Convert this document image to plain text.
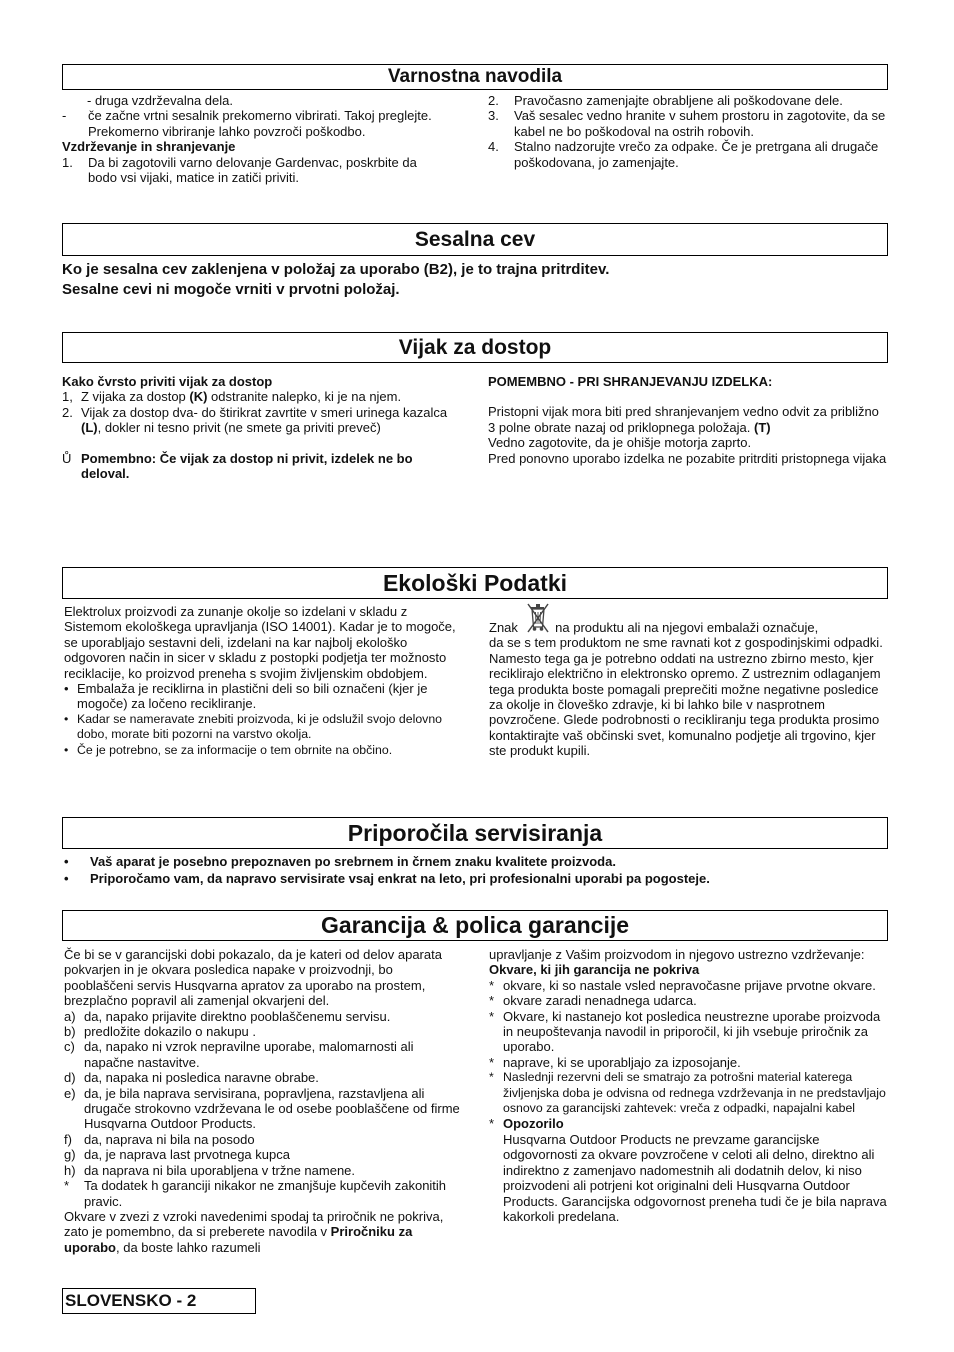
Varnostna navodila
- druga vzdrževalna dela.
-	če začne vrtni sesalnik prekomerno vibrirati. Takoj preglejte. Prekomerno vibriranje lahko povzroči poškodbo.

Vzdrževanje in shranjevanje

1.	Da bi zagotovili varno delovanje Gardenvac, poskrbite da bodo vsi vijaki, matice in zatiči priviti.
2.	Pravočasno zamenjajte obrabljene ali poškodovane dele.
3.	Vaš sesalec vedno hranite v suhem prostoru in zagotovite, da se kabel ne bo poškodoval na ostrih robovih.
4.	Stalno nadzorujte vrečo za odpake. Če je pretrgana ali drugače poškodovana, jo zamenjajte.
Sesalna cev

Ko je sesalna cev zaklenjena v položaj za uporabo (B2), je to trajna pritrditev.

Sesalne cevi ni mogoče vrniti v prvotni položaj.

Vijak za dostop

Kako čvrsto priviti vijak za dostop

1, Z vijaka za dostop (K) odstranite nalepko, ki je na njem.
2. Vijak za dostop dva- do štirikrat zavrtite v smeri urinega kazalca (L), dokler ni tesno privit (ne smete ga priviti preveč)
Ů Pomembno: Če vijak za dostop ni privit, izdelek ne bo deloval.

POMEMBNO - PRI SHRANJEVANJU IZDELKA:

Pristopni vijak mora biti pred shranjevanjem vedno odvit za približno 3 polne obrate nazaj od priklopnega položaja. (T)

Vedno zagotovite, da je ohišje motorja zaprto.

Pred ponovno uporabo izdelka ne pozabite pritrditi pristopnega vijaka

Ekološki Podatki

Elektrolux proizvodi za zunanje okolje so izdelani v skladu z Sistemom ekološkega upravljanja (ISO 14001). Kadar je to mogoče, se uporabljajo sestavni deli, izdelani na kar najbolj ekološko odgovoren način in sicer v skladu z postopki podjetja ter možnosto reciklacije, ko proizvod preneha s svojim življenskim obdobjem.

• Embalaža je reciklirna in plastični deli so bili označeni (kjer je mogoče) za ločeno recikliranje.
• Kadar se nameravate znebiti proizvoda, ki je odslužil svojo delovno dobo, morate biti pozorni na varstvo okolja.
• Če je potrebno, se za informacije o tem obrnite na občino.

Znak	na produktu ali na njegovi embalaži označuje,

da se s tem produktom ne sme ravnati kot z gospodinjskimi odpadki. Namesto tega ga je potrebno oddati na ustrezno zbirno mesto, kjer reciklirajo električno in elektronsko opremo. Z ustreznim odlaganjem tega produkta boste pomagali preprečiti možne negativne posledice za okolje in človeško zdravje, ki bi lahko bile v nasprotnem povzročene. Glede podrobnosti o recikliranju tega produkta prosimo kontaktirajte vaš občinski svet, komunalno podjetje ali trgovino, kjer ste produkt kupili.

Priporočila servisiranja
•	Vaš aparat je posebno prepoznaven po srebrnem in črnem znaku kvalitete proizvoda.
•	Priporočamo vam, da napravo servisirate vsaj enkrat na leto, pri profesionalni uporabi pa pogosteje.
Garancija & polica garancije

Če bi se v garancijski dobi pokazalo, da je kateri od delov aparata pokvarjen in je okvara posledica napake v proizvodnji, bo pooblaščeni servis Husqvarna apratov za uporabo na prostem, brezplačno popravil ali zamenjal okvarjeni del.

a) da, napako prijavite direktno pooblaščenemu servisu.
b) predložite dokazilo o nakupu .
c) da, napako ni vzrok nepravilne uporabe, malomarnosti ali napačne nastavitve.
d) da, napaka ni posledica naravne obrabe.
e) da, je bila naprava servisirana, popravljena, razstavljena ali drugače strokovno vzdrževana le od osebe pooblaščene od firme Husqvarna Outdoor Products.
f) da, naprava ni bila na posodo
g) da, je naprava last prvotnega kupca
h) da naprava ni bila uporabljena v tržne namene.
*	Ta dodatek h garanciji nikakor ne zmanjšuje kupčevih zakonitih pravic.

Okvare v zvezi z vzroki navedenimi spodaj ta priročnik ne pokriva, zato je pomembno, da si preberete navodila v Priročniku za uporabo, da boste lahko razumeli

upravljanje z Vašim proizvodom in njegovo ustrezno vzdrževanje:

Okvare, ki jih garancija ne pokriva

* okvare, ki so nastale vsled nepravočasne prijave prvotne okvare.
* okvare zaradi nenadnega udarca.
* Okvare, ki nastanejo kot posledica neustrezne uporabe proizvoda in neupoštevanja navodil in priporočil, ki jih vsebuje priročnik za uporabo.
* naprave, ki se uporabljajo za izposojanje.
* Naslednji rezervni deli se smatrajo za potrošni material katerega življenjska doba je odvisna od rednega vzdrževanja in ne predstavljajo osnovo za garancijski zahtevek: vrečа z odpadki, napajalni kabel
* Opozorilo
Husqvarna Outdoor Products ne prevzame garancijske odgovornosti za okvare povzročene v celoti ali delno, direktno ali indirektno z zamenjavo nadomestnih ali dodatnih delov, ki niso proizvodeni ali potrjeni kot originalni deli Husqvarna Outdoor Products. Garancijska odgovornost preneha tudi če je bila naprava kakorkoli predelana.
SLOVENSKO - 2
